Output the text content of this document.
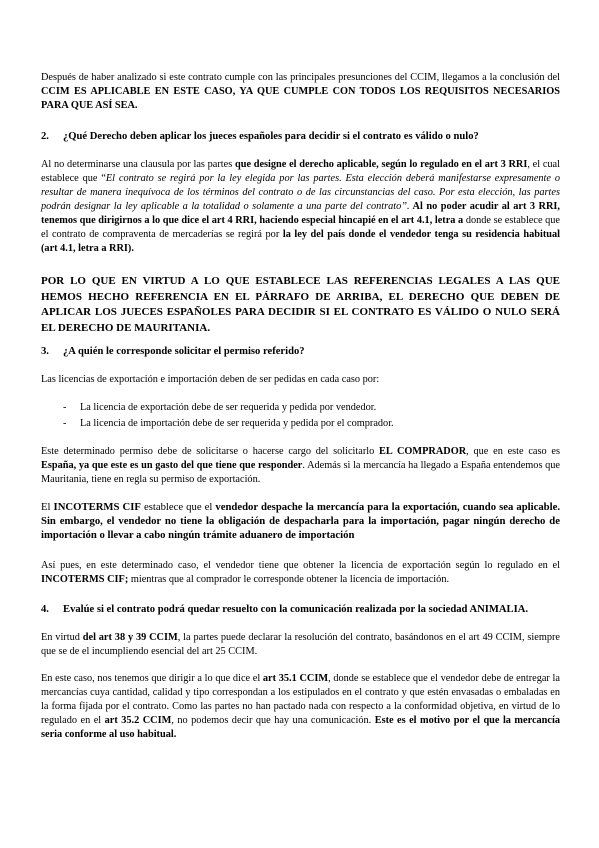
Después de haber analizado si este contrato cumple con las principales presunciones del CCIM, llegamos a la conclusión del CCIM ES APLICABLE EN ESTE CASO, YA QUE CUMPLE CON TODOS LOS REQUISITOS NECESARIOS PARA QUE ASÍ SEA.

2. ¿Qué Derecho deben aplicar los jueces españoles para decidir si el contrato es válido o nulo?

Al no determinarse una clausula por las partes que designe el derecho aplicable, según lo regulado en el art 3 RRI, el cual establece que “El contrato se regirá por la ley elegida por las partes. Esta elección deberá manifestarse expresamente o resultar de manera inequívoca de los términos del contrato o de las circunstancias del caso. Por esta elección, las partes podrán designar la ley aplicable a la totalidad o solamente a una parte del contrato”. Al no poder acudir al art 3 RRI, tenemos que dirigirnos a lo que dice el art 4 RRI, haciendo especial hincapié en el art 4.1, letra a donde se establece que el contrato de compraventa de mercaderías se regirá por la ley del país donde el vendedor tenga su residencia habitual (art 4.1, letra a RRI).

POR LO QUE EN VIRTUD A LO QUE ESTABLECE LAS REFERENCIAS LEGALES A LAS QUE HEMOS HECHO REFERENCIA EN EL PÁRRAFO DE ARRIBA, EL DERECHO QUE DEBEN DE APLICAR LOS JUECES ESPAÑOLES PARA DECIDIR SI EL CONTRATO ES VÁLIDO O NULO SERÁ EL DERECHO DE MAURITANIA.

3. ¿A quién le corresponde solicitar el permiso referido?

Las licencias de exportación e importación deben de ser pedidas en cada caso por:

- La licencia de exportación debe de ser requerida y pedida por vendedor.

- La licencia de importación debe de ser requerida y pedida por el comprador.

Este determinado permiso debe de solicitarse o hacerse cargo del solicitarlo EL COMPRADOR, que en este caso es España, ya que este es un gasto del que tiene que responder. Además si la mercancía ha llegado a España entendemos que Mauritania, tiene en regla su permiso de exportación.

El INCOTERMS CIF establece que el vendedor despache la mercancía para la exportación, cuando sea aplicable. Sin embargo, el vendedor no tiene la obligación de despacharla para la importación, pagar ningún derecho de importación o llevar a cabo ningún trámite aduanero de importación

Así pues, en este determinado caso, el vendedor tiene que obtener la licencia de exportación según lo regulado en el INCOTERMS CIF; mientras que al comprador le corresponde obtener la licencia de importación.

4. Evalúe si el contrato podrá quedar resuelto con la comunicación realizada por la sociedad ANIMALIA.

En virtud del art 38 y 39 CCIM, la partes puede declarar la resolución del contrato, basándonos en el art 49 CCIM, siempre que se de el incumpliendo esencial del art 25 CCIM.

En este caso, nos tenemos que dirigir a lo que dice el art 35.1 CCIM, donde se establece que el vendedor debe de entregar la mercancías cuya cantidad, calidad y tipo correspondan a los estipulados en el contrato y que estén envasadas o embaladas en la forma fijada por el contrato. Como las partes no han pactado nada con respecto a la conformidad objetiva, en virtud de lo regulado en el art 35.2 CCIM, no podemos decir que hay una comunicación. Este es el motivo por el que la mercancía seria conforme al uso habitual.
